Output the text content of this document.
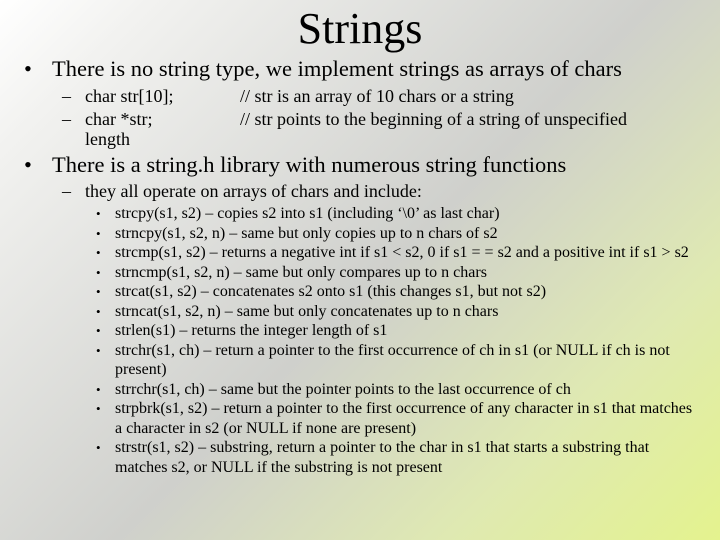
Strings
• There is no string type, we implement strings as arrays of chars
– char str[10];	// str is an array of 10 chars or a string
– char *str;	// str points to the beginning of a string of unspecified
length
• There is a string.h library with numerous string functions
– they all operate on arrays of chars and include:
• strcpy(s1, s2) – copies s2 into s1 (including ‘\0’ as last char)
• strncpy(s1, s2, n) – same but only copies up to n chars of s2
• strcmp(s1, s2) – returns a negative int if s1 < s2, 0 if s1 = = s2 and a positive int if s1 > s2
• strncmp(s1, s2, n) – same but only compares up to n chars
• strcat(s1, s2) – concatenates s2 onto s1 (this changes s1, but not s2)
• strncat(s1, s2, n) – same but only concatenates up to n chars
• strlen(s1) – returns the integer length of s1
• strchr(s1, ch) – return a pointer to the first occurrence of ch in s1 (or NULL if ch is not present)
• strrchr(s1, ch) – same but the pointer points to the last occurrence of ch
• strpbrk(s1, s2) – return a pointer to the first occurrence of any character in s1 that matches a character in s2 (or NULL if none are present)
• strstr(s1, s2) – substring, return a pointer to the char in s1 that starts a substring that matches s2, or NULL if the substring is not present
